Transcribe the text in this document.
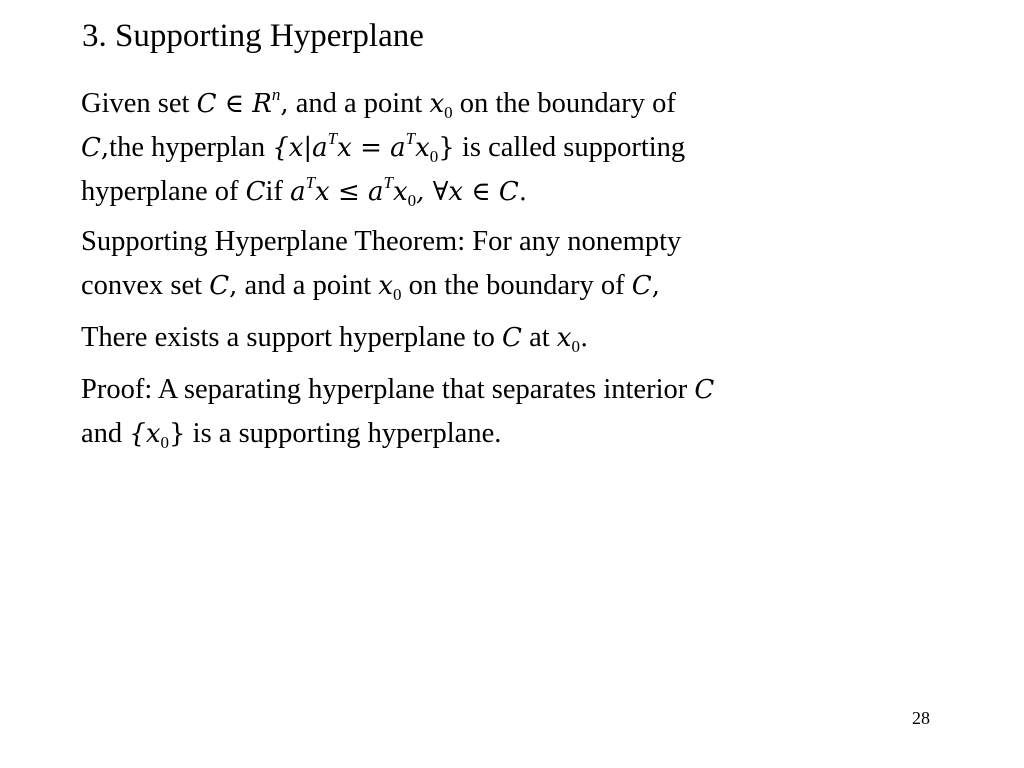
3. Supporting Hyperplane
Given set C ∈ $R^n$, and a point $x_0$ on the boundary of
C,the hyperplan $\{x|a^Tx = a^Tx_0\}$ is called supporting
hyperplane of Cif $a^Tx \le a^Tx_0$, ∀x ∈ C.
Supporting Hyperplane Theorem: For any nonempty
convex set C, and a point $x_0$ on the boundary of C,
There exists a support hyperplane to C at $x_0$.
Proof: A separating hyperplane that separates interior C
and $\{x_0\}$ is a supporting hyperplane.
28
